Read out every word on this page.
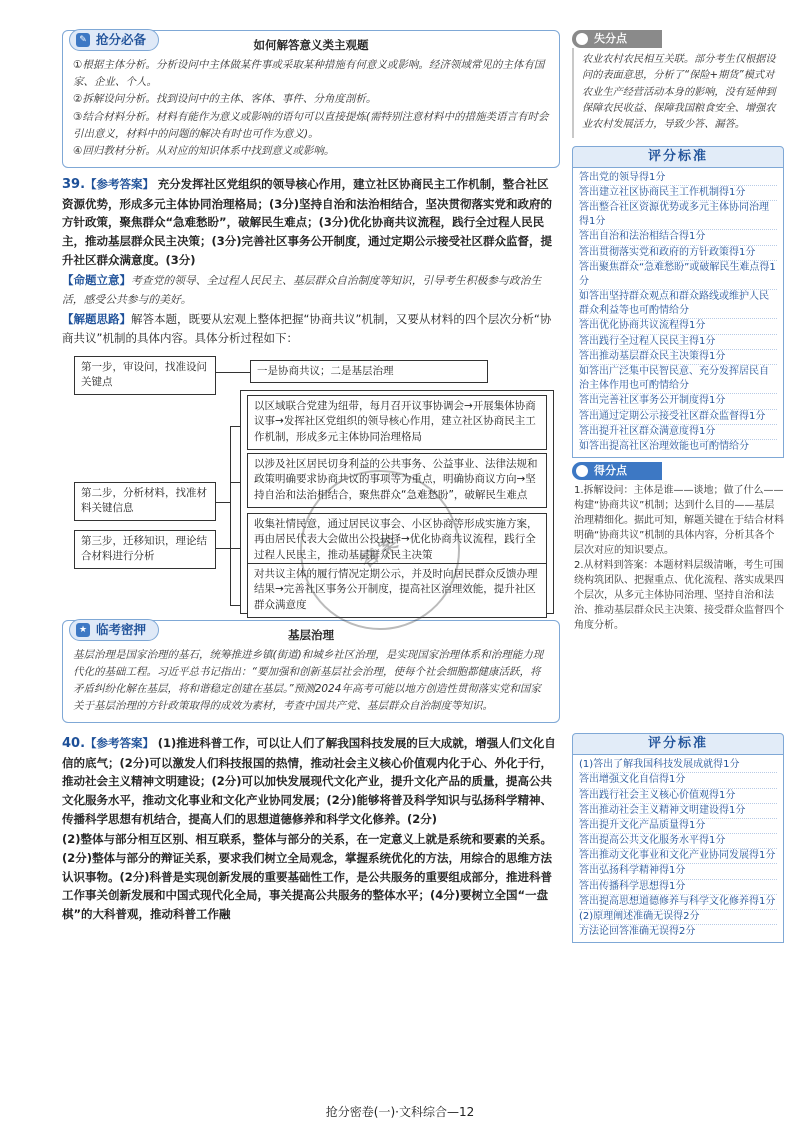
✎ 抢分必备	如何解答意义类主观题

①根据主体分析。分析设问中主体做某件事或采取某种措施有何意义或影响。经济领域常见的主体有国家、企业、个人。

②拆解设问分析。找到设问中的主体、客体、事件、分角度剖析。

③结合材料分析。材料有能作为意义或影响的语句可以直接提炼(需特别注意材料中的措施类语言有时会引出意义，材料中的问题的解决有时也可作为意义)。

④回归教材分析。从对应的知识体系中找到意义或影响。

39.【参考答案】 充分发挥社区党组织的领导核心作用，建立社区协商民主工作机制，整合社区资源优势，形成多元主体协同治理格局；(3分)坚持自治和法治相结合，坚决贯彻落实党和政府的方针政策，聚焦群众“急难愁盼”，破解民生难点；(3分)优化协商共议流程，践行全过程人民民主，推动基层群众民主决策；(3分)完善社区事务公开制度，通过定期公示接受社区群众监督，提升社区群众满意度。(3分)
【命题立意】考查党的领导、全过程人民民主、基层群众自治制度等知识，引导考生积极参与政治生活，感受公共参与的美好。
【解题思路】解答本题，既要从宏观上整体把握“协商共议”机制，又要从材料的四个层次分析“协商共议”机制的具体内容。具体分析过程如下：
第一步，审设问，找准设问关键点
一是协商共议；二是基层治理
第二步，分析材料，找准材料关键信息
第三步，迁移知识，理论结合材料进行分析
以区域联合党建为纽带，每月召开议事协调会→开展集体协商议事→发挥社区党组织的领导核心作用，建立社区协商民主工作机制，形成多元主体协同治理格局
以涉及社区居民切身利益的公共事务、公益事业、法律法规和政策明确要求协商共议的事项等为重点，明确协商议方向→坚持自治和法治相结合，聚焦群众“急难愁盼”，破解民生难点
收集社情民意，通过居民议事会、小区协商等形成实施方案，再由居民代表大会做出公投抉择→优化协商共议流程，践行全过程人民民主，推动基层群众民主决策
对共议主体的履行情况定期公示，并及时向居民群众反馈办理结果→完善社区事务公开制度，提高社区治理效能，提升社区群众满意度
★ 临考密押	基层治理

基层治理是国家治理的基石，统筹推进乡镇(街道)和城乡社区治理，是实现国家治理体系和治理能力现代化的基础工程。习近平总书记指出：“要加强和创新基层社会治理，使每个社会细胞都健康活跃，将矛盾纠纷化解在基层，将和谐稳定创建在基层。”预测2024年高考可能以地方创造性贯彻落实党和国家关于基层治理的方针政策取得的成效为素材，考查中国共产党、基层群众自治制度等知识。

40.【参考答案】 (1)推进科普工作，可以让人们了解我国科技发展的巨大成就，增强人们文化自信的底气；(2分)可以激发人们科技报国的热情，推动社会主义核心价值观内化于心、外化于行，推动社会主义精神文明建设；(2分)可以加快发展现代文化产业，提升文化产品的质量，提高公共文化服务水平，推动文化事业和文化产业协同发展；(2分)能够将普及科学知识与弘扬科学精神、传播科学思想有机结合，提高人们的思想道德修养和科学文化修养。(2分)
(2)整体与部分相互区别、相互联系，整体与部分的关系，在一定意义上就是系统和要素的关系。(2分)整体与部分的辩证关系，要求我们树立全局观念，掌握系统优化的方法，用综合的思维方法认识事物。(2分)科普是实现创新发展的重要基础性工作，是公共服务的重要组成部分，推进科普工作事关创新发展和中国式现代化全局，事关提高公共服务的整体水平；(4分)要树立全国“一盘棋”的大科普观，推动科普工作融
失分点
农业农村农民相互关联。部分考生仅根据设问的表面意思，分析了“保险+期货”模式对农业生产经营活动本身的影响，没有延伸到保障农民收益、保障我国粮食安全、增强农业农村发展活力，导致少答、漏答。
评分标准
答出党的领导得1分
答出建立社区协商民主工作机制得1分
答出整合社区资源优势或多元主体协同治理得1分
答出自治和法治相结合得1分
答出贯彻落实党和政府的方针政策得1分
答出聚焦群众“急难愁盼”或破解民生难点得1分
如答出坚持群众观点和群众路线或维护人民群众利益等也可酌情给分
答出优化协商共议流程得1分
答出践行全过程人民民主得1分
答出推动基层群众民主决策得1分
如答出广泛集中民智民意、充分发挥居民自治主体作用也可酌情给分
答出完善社区事务公开制度得1分
答出通过定期公示接受社区群众监督得1分
答出提升社区群众满意度得1分
如答出提高社区治理效能也可酌情给分
得分点
1.拆解设问：主体是谁——谈地；做了什么——构建“协商共议”机制；达到什么目的——基层治理精细化。据此可知，解题关键在于结合材料明确“协商共议”机制的具体内容，分析其各个层次对应的知识要点。
2.从材料到答案：本题材料层级清晰，考生可围绕构筑团队、把握重点、优化流程、落实成果四个层次，从多元主体协同治理、坚持自治和法治、推动基层群众民主决策、接受群众监督四个角度分析。
评分标准
(1)答出了解我国科技发展成就得1分
答出增强文化自信得1分
答出践行社会主义核心价值观得1分
答出推动社会主义精神文明建设得1分
答出提升文化产品质量得1分
答出提高公共文化服务水平得1分
答出推动文化事业和文化产业协同发展得1分
答出弘扬科学精神得1分
答出传播科学思想得1分
答出提高思想道德修养与科学文化修养得1分
(2)原理阐述准确无误得2分
方法论回答准确无误得2分
答案
抢分密卷(一)·文科综合—12
